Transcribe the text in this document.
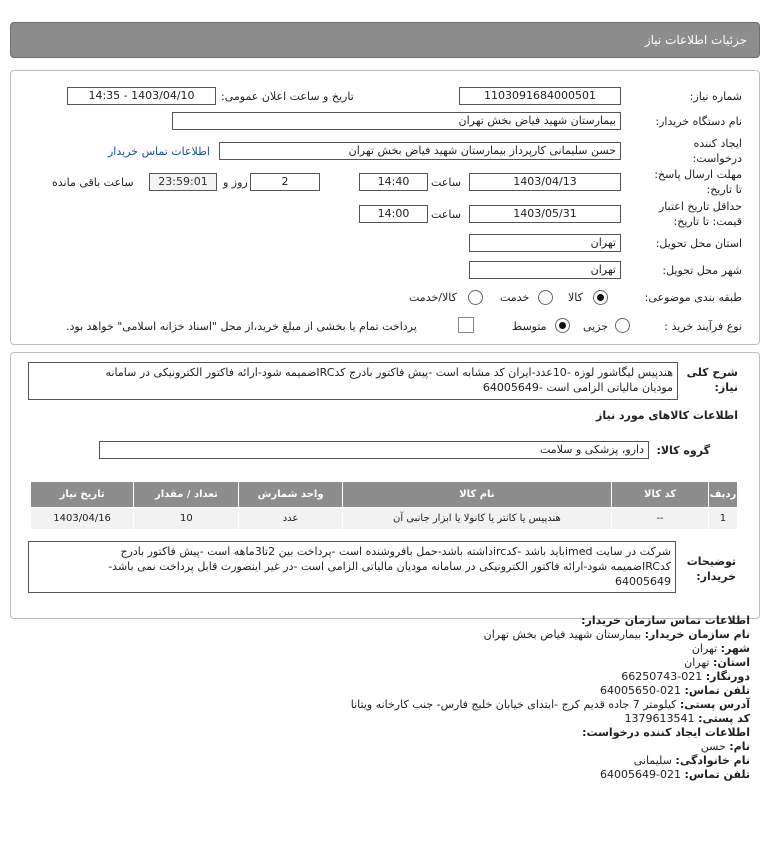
جزئیات اطلاعات نیاز
شماره نیاز:
1103091684000501
تاریخ و ساعت اعلان عمومی:
1403/04/10 - 14:35
نام دستگاه خریدار:
بیمارستان شهید فیاض بخش تهران
ایجاد کننده
درخواست:
حسن سلیمانی کارپرداز بیمارستان شهید فیاض بخش تهران
اطلاعات تماس خریدار
مهلت ارسال پاسخ:
تا تاریخ:
1403/04/13
ساعت
14:40
2
روز و
23:59:01
ساعت باقی مانده
حداقل تاریخ اعتبار
قیمت: تا تاریخ:
1403/05/31
ساعت
14:00
استان محل تحویل:
تهران
شهر محل تحویل:
تهران
طبقه بندی موضوعی:
کالا
خدمت
کالا/خدمت
نوع فرآیند خرید :
جزیی
متوسط
پرداخت تمام یا بخشی از مبلغ خرید،از محل "اسناد خزانه اسلامی" خواهد بود.
شرح کلی
نیاز:
هندپیس لیگاشور لوزه -10عدد-ایران کد مشابه است -پیش فاکتور بادرج کدIRCضمیمه شود-ارائه فاکتور الکترونیکی در سامانه
مودیان مالیاتی الزامی است -64005649
اطلاعات کالاهای مورد نیاز
گروه کالا:
دارو، پزشکی و سلامت
ردیف	کد کالا	نام کالا	واحد شمارش	تعداد / مقدار	تاریخ نیاز
1	--	هندپیس یا کانتر یا کانولا یا ابزار جانبی آن	عدد	10	1403/04/16
توضیحات
خریدار:
شرکت در سایت imedباید باشد -کدircداشته باشد-حمل بافروشنده است -پرداخت بین 2تا3ماهه است -پیش فاکتور بادرج
کدIRCضمیمه شود-ارائه فاکتور الکترونیکی در سامانه مودیان مالیاتی الزامی است -در غیر اینصورت قابل پرداخت نمی باشد-
64005649
اطلاعات تماس سازمان خریدار:
نام سازمان خریدار: بیمارستان شهید فیاض بخش تهران
شهر: تهران
استان: تهران
دورنگار: 021-66250743
تلفن تماس: 021-64005650
آدرس پستی: کیلومتر 7 جاده قدیم کرج -ابتدای خیابان خلیج فارس- جنب کارخانه ویتانا
کد پستی: 1379613541
اطلاعات ایجاد کننده درخواست:
نام: حسن
نام خانوادگی: سلیمانی
تلفن تماس: 021-64005649
